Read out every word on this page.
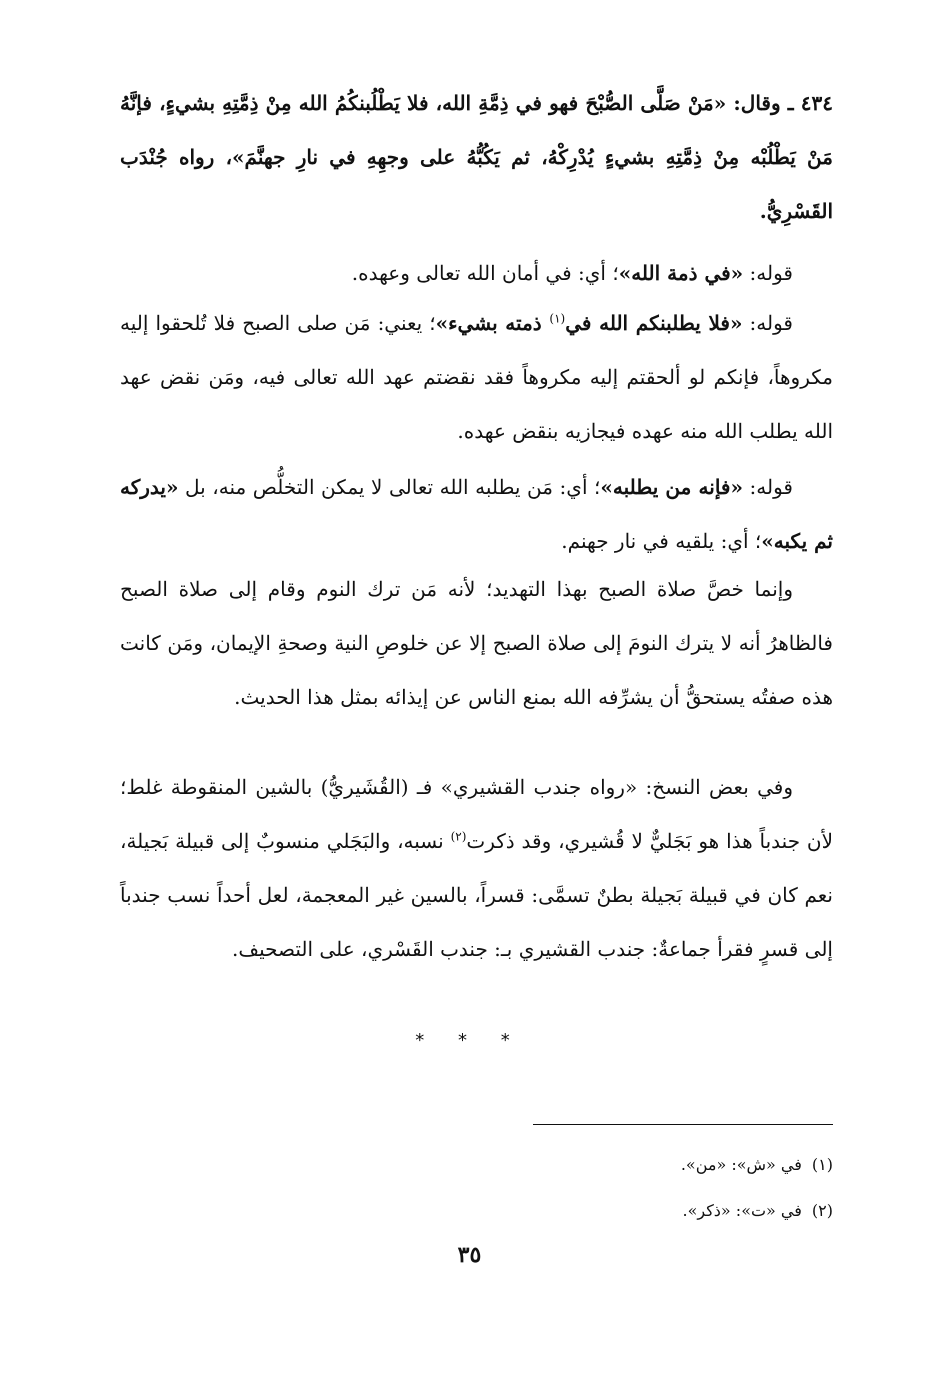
٤٣٤ ـ وقال: «مَنْ صَلَّى الصُّبْحَ فهو في ذِمَّةِ الله، فلا يَطْلُبنكُمُ الله مِنْ ذِمَّتِهِ بشيءٍ، فإنَّهُ مَنْ يَطْلُبْه مِنْ ذِمَّتِهِ بشيءٍ يُدْرِكْهُ، ثم يَكُبُّهُ على وجهِهِ في نارِ جهنَّمَ»، رواه جُنْدَب القَسْرِيُّ.

قوله: «في ذمة الله»؛ أي: في أمان الله تعالى وعهده.

قوله: «فلا يطلبنكم الله في$^{(١)}$ ذمته بشيء»؛ يعني: مَن صلى الصبح فلا تُلحقوا إليه مكروهاً، فإنكم لو ألحقتم إليه مكروهاً فقد نقضتم عهد الله تعالى فيه، ومَن نقض عهد الله يطلب الله منه عهده فيجازيه بنقض عهده.

قوله: «فإنه من يطلبه»؛ أي: مَن يطلبه الله تعالى لا يمكن التخلُّص منه، بل «يدركه ثم يكبه»؛ أي: يلقيه في نار جهنم.

وإنما خصَّ صلاة الصبح بهذا التهديد؛ لأنه مَن ترك النوم وقام إلى صلاة الصبح فالظاهرُ أنه لا يترك النومَ إلى صلاة الصبح إلا عن خلوصِ النية وصحةِ الإيمان، ومَن كانت هذه صفتُه يستحقُّ أن يشرِّفه الله بمنع الناس عن إيذائه بمثل هذا الحديث.

وفي بعض النسخ: «رواه جندب القشيري» فـ (القُشَيريُّ) بالشين المنقوطة غلط؛ لأن جندباً هذا هو بَجَليٌّ لا قُشيري، وقد ذكرت$^{(٢)}$ نسبه، والبَجَلي منسوبٌ إلى قبيلة بَجيلة، نعم كان في قبيلة بَجيلة بطنٌ تسمَّى: قسراً، بالسين غير المعجمة، لعل أحداً نسب جندباً إلى قسرٍ فقرأ جماعةٌ: جندب القشيري بـ: جندب القَسْري، على التصحيف.

* * *

(١)في «ش»: «من».

(٢)في «ت»: «ذكر».

٣٥
